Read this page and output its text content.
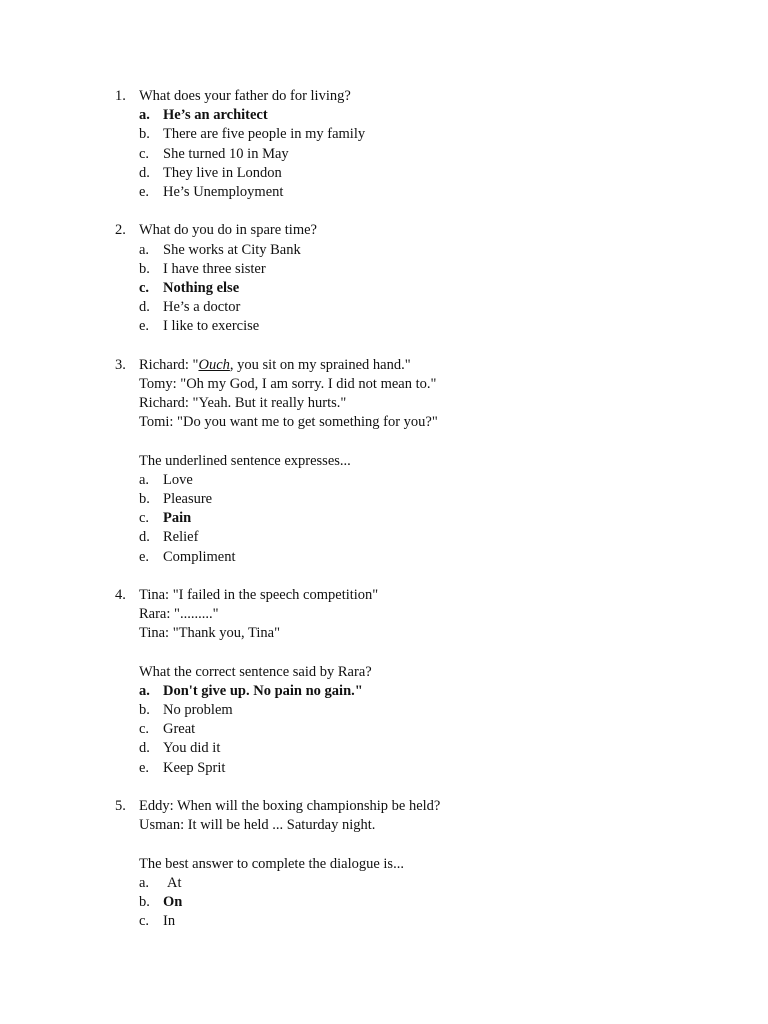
1. What does your father do for living?
a. He’s an architect
b. There are five people in my family
c. She turned 10 in May
d. They live in London
e. He’s Unemployment
2. What do you do in spare time?
a. She works at City Bank
b. I have three sister
c. Nothing else
d. He’s a doctor
e. I like to exercise
3. Richard: "Ouch, you sit on my sprained hand."
Tomy: "Oh my God, I am sorry. I did not mean to."
Richard: "Yeah. But it really hurts."
Tomi: "Do you want me to get something for you?"
The underlined sentence expresses...
a. Love
b. Pleasure
c. Pain
d. Relief
e. Compliment
4. Tina: "I failed in the speech competition"
Rara: "........."
Tina: "Thank you, Tina"
What the correct sentence said by Rara?
a. Don't give up. No pain no gain."
b. No problem
c. Great
d. You did it
e. Keep Sprit
5. Eddy: When will the boxing championship be held?
Usman: It will be held ... Saturday night.
The best answer to complete the dialogue is...
a. At
b. On
c. In
